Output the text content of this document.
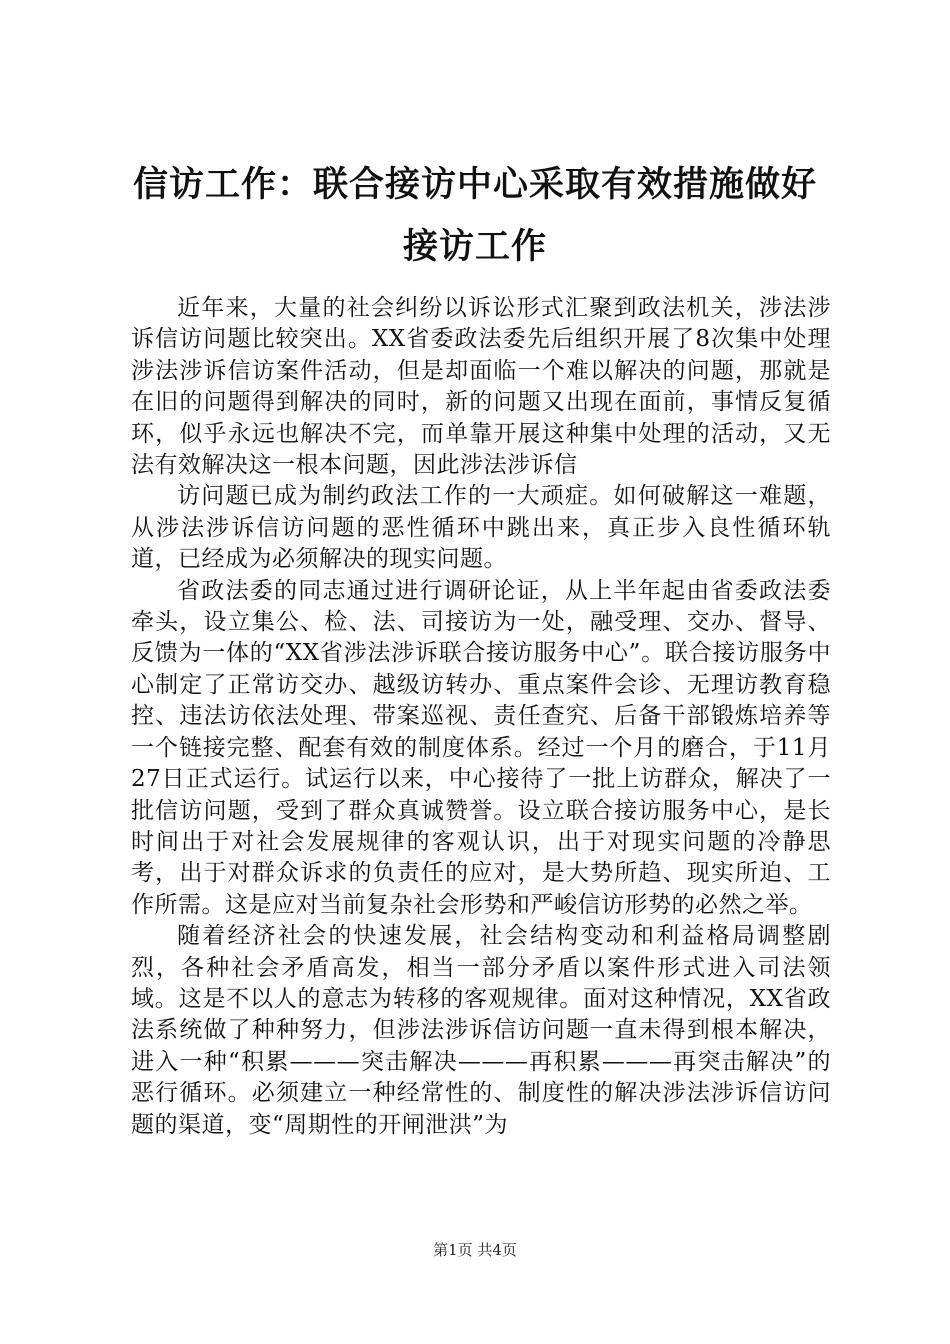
信访工作：联合接访中心采取有效措施做好接访工作

近年来，大量的社会纠纷以诉讼形式汇聚到政法机关，涉法涉诉信访问题比较突出。XX省委政法委先后组织开展了8次集中处理涉法涉诉信访案件活动，但是却面临一个难以解决的问题，那就是在旧的问题得到解决的同时，新的问题又出现在面前，事情反复循环，似乎永远也解决不完，而单靠开展这种集中处理的活动，又无法有效解决这一根本问题，因此涉法涉诉信

访问题已成为制约政法工作的一大顽症。如何破解这一难题，从涉法涉诉信访问题的恶性循环中跳出来，真正步入良性循环轨道，已经成为必须解决的现实问题。

省政法委的同志通过进行调研论证，从上半年起由省委政法委牵头，设立集公、检、法、司接访为一处，融受理、交办、督导、反馈为一体的“XX省涉法涉诉联合接访服务中心”。联合接访服务中心制定了正常访交办、越级访转办、重点案件会诊、无理访教育稳控、违法访依法处理、带案巡视、责任查究、后备干部锻炼培养等一个链接完整、配套有效的制度体系。经过一个月的磨合，于11月27日正式运行。试运行以来，中心接待了一批上访群众，解决了一批信访问题，受到了群众真诚赞誉。设立联合接访服务中心，是长时间出于对社会发展规律的客观认识，出于对现实问题的冷静思考，出于对群众诉求的负责任的应对，是大势所趋、现实所迫、工作所需。这是应对当前复杂社会形势和严峻信访形势的必然之举。

随着经济社会的快速发展，社会结构变动和利益格局调整剧烈，各种社会矛盾高发，相当一部分矛盾以案件形式进入司法领域。这是不以人的意志为转移的客观规律。面对这种情况，XX省政法系统做了种种努力，但涉法涉诉信访问题一直未得到根本解决，进入一种“积累———突击解决———再积累———再突击解决”的恶行循环。必须建立一种经常性的、制度性的解决涉法涉诉信访问题的渠道，变“周期性的开闸泄洪”为

第1页 共4页
